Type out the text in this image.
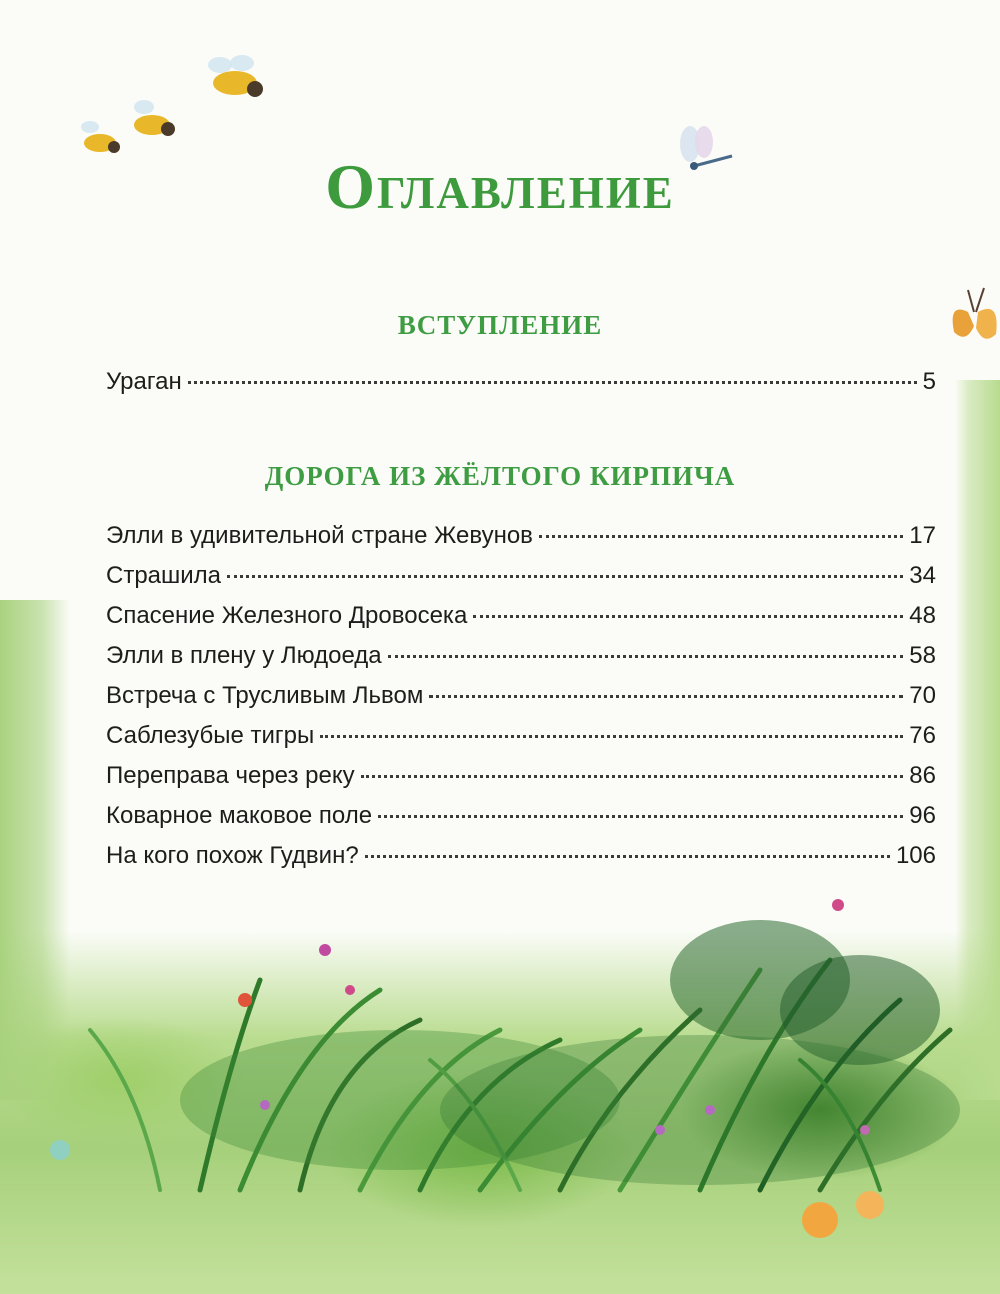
Оглавление
ВСТУПЛЕНИЕ
Ураган	5
ДОРОГА ИЗ ЖЁЛТОГО КИРПИЧА
Элли в удивительной стране Жевунов	17
Страшила	34
Спасение Железного Дровосека	48
Элли в плену у Людоеда	58
Встреча с Трусливым Львом	70
Саблезубые тигры	76
Переправа через реку	86
Коварное маковое поле	96
На кого похож Гудвин?	106
